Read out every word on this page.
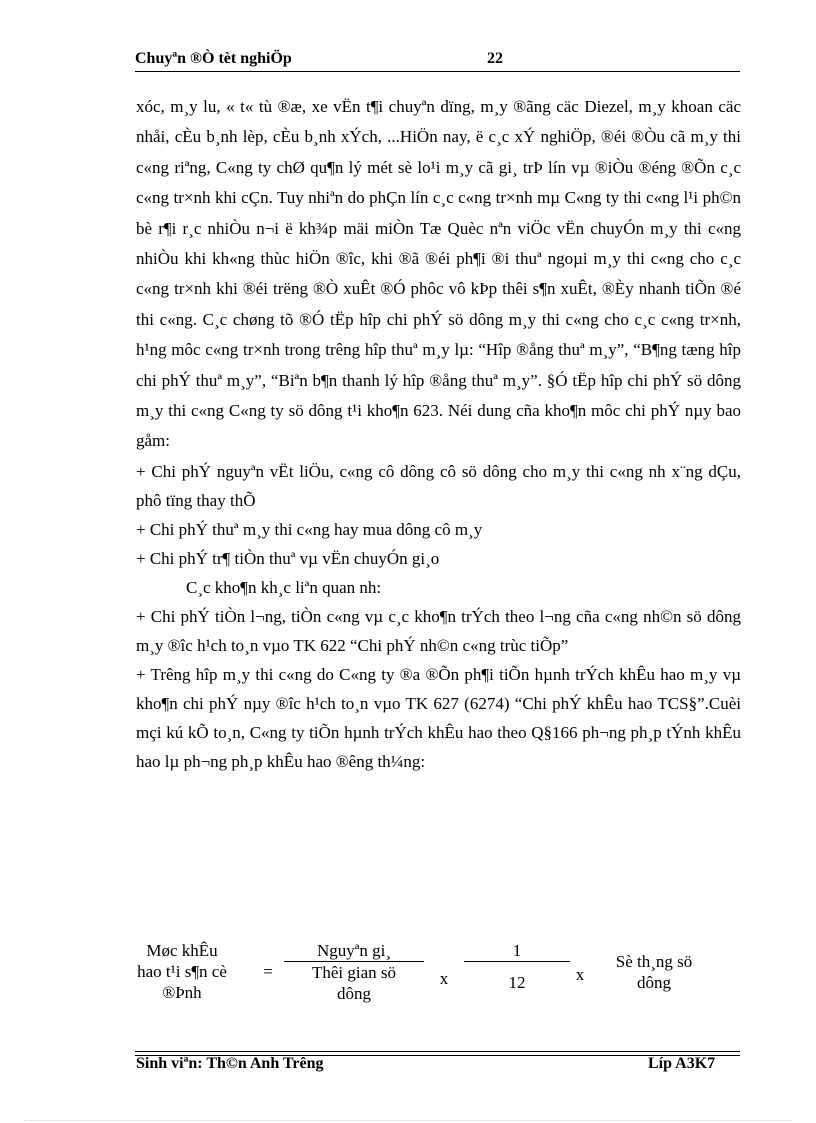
Chuyªn ®Ò tèt nghiÖp	22

xóc, m¸y lu, « t« tù ®æ, xe vËn t¶i chuyªn dïng, m¸y ®ãng cäc Diezel, m¸y khoan cäc nhåi, cÈu b¸nh lèp, cÈu b¸nh xÝch, ...HiÖn nay, ë c¸c xÝ nghiÖp, ®éi ®Òu cã m¸y thi c«ng riªng, C«ng ty chØ qu¶n lý mét sè lo¹i m¸y cã gi¸ trÞ lín vµ ®iÒu ®éng ®Õn c¸c c«ng tr×nh khi cÇn. Tuy nhiªn do phÇn lín c¸c c«ng tr×nh mµ C«ng ty thi c«ng l¹i ph©n bè r¶i r¸c nhiÒu n¬i ë kh¾p mäi miÒn Tæ Quèc nªn viÖc vËn chuyÓn m¸y thi c«ng nhiÒu khi kh«ng thùc hiÖn ®îc, khi ®ã ®éi ph¶i ®i thuª ngoµi m¸y thi c«ng cho c¸c c«ng tr×nh khi ®éi trëng ®Ò xuÊt ®Ó phôc vô kÞp thêi s¶n xuÊt, ®Èy nhanh tiÕn ®é thi c«ng. C¸c chøng tõ ®Ó tËp hîp chi phÝ sö dông m¸y thi c«ng cho c¸c c«ng tr×nh, h¹ng môc c«ng tr×nh trong trêng hîp thuª m¸y lµ: “Hîp ®ång thuª m¸y”, “B¶ng tæng hîp chi phÝ thuª m¸y”, “Biªn b¶n thanh lý hîp ®ång thuª m¸y”. §Ó tËp hîp chi phÝ sö dông m¸y thi c«ng C«ng ty sö dông t¹i kho¶n 623. Néi dung cña kho¶n môc chi phÝ nµy bao gåm:

+ Chi phÝ nguyªn vËt liÖu, c«ng cô dông cô sö dông cho m¸y thi c«ng nh x¨ng dÇu, phô tïng thay thÕ

+ Chi phÝ thuª m¸y thi c«ng hay mua dông cô m¸y

+ Chi phÝ tr¶ tiÒn thuª vµ vËn chuyÓn gi¸o

C¸c kho¶n kh¸c liªn quan nh:

+ Chi phÝ tiÒn l¬ng, tiÒn c«ng vµ c¸c kho¶n trÝch theo l¬ng cña c«ng nh©n sö dông m¸y ®îc h¹ch to¸n vµo TK 622 “Chi phÝ nh©n c«ng trùc tiÕp”

+ Trêng hîp m¸y thi c«ng do C«ng ty ®a ®Õn ph¶i tiÕn hµnh trÝch khÊu hao m¸y vµ kho¶n chi phÝ nµy ®îc h¹ch to¸n vµo TK 627 (6274) “Chi phÝ khÊu hao TCS§”.Cuèi mçi kú kÕ to¸n, C«ng ty tiÕn hµnh trÝch khÊu hao theo Q§166 ph¬ng ph¸p tÝnh khÊu hao lµ ph¬ng ph¸p khÊu hao ®êng th¼ng:

Møc khÊu
hao t¹i s¶n cè
®Þnh
=
Nguyªn gi¸
Thêi gian sö
dông
x
1
12	x
Sè th¸ng sö
dông
Sinh viªn: Th©n Anh Trêng	Líp A3K7
